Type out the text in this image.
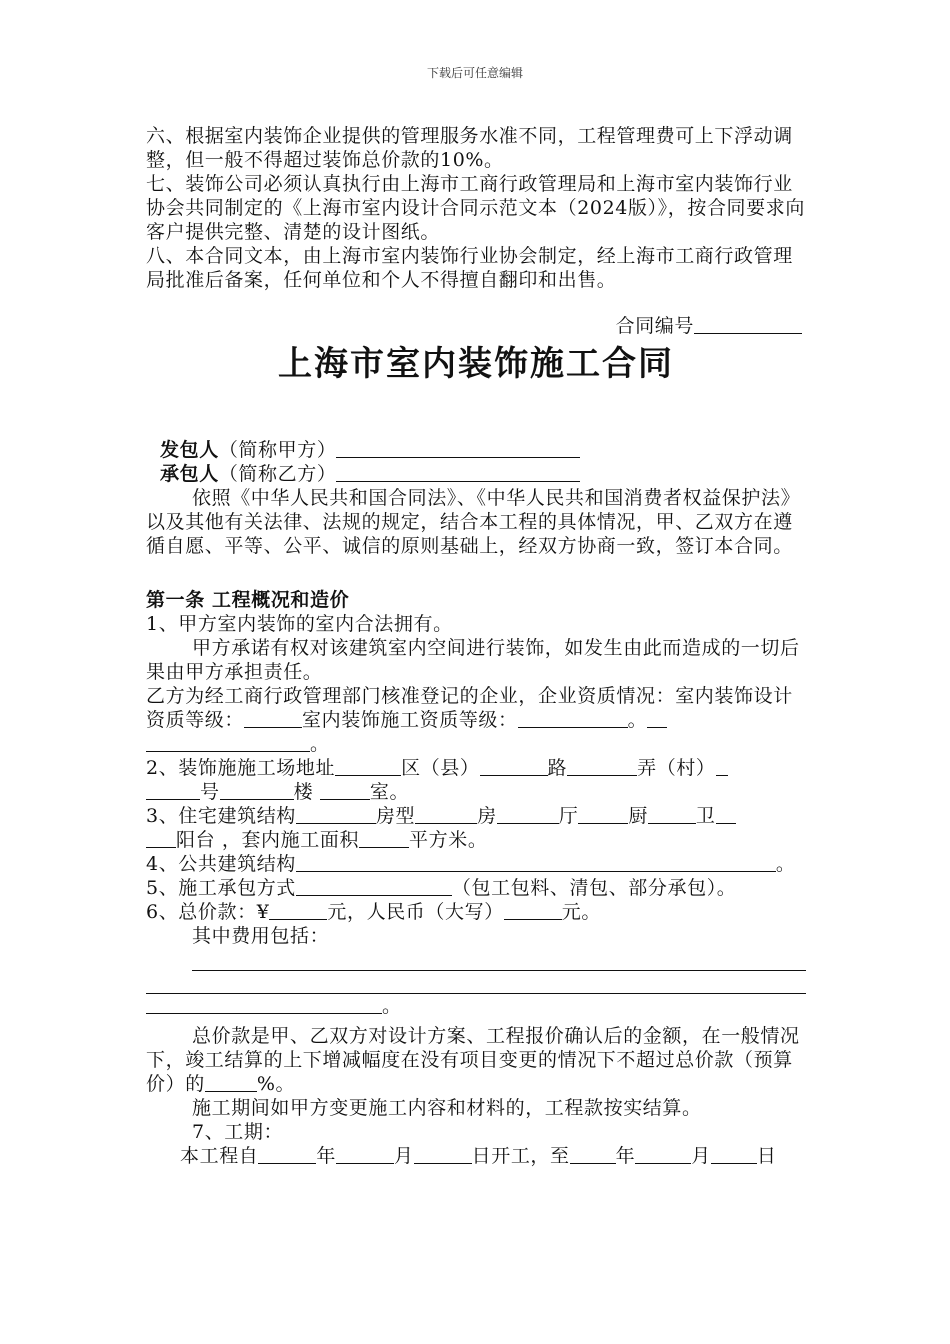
下载后可任意编辑

六、根据室内装饰企业提供的管理服务水准不同，工程管理费可上下浮动调整，但一般不得超过装饰总价款的10%。

七、装饰公司必须认真执行由上海市工商行政管理局和上海市室内装饰行业协会共同制定的《上海市室内设计合同示范文本（2024版）》，按合同要求向客户提供完整、清楚的设计图纸。

八、本合同文本，由上海市室内装饰行业协会制定，经上海市工商行政管理局批准后备案，任何单位和个人不得擅自翻印和出售。

合同编号
上海市室内装饰施工合同

发包人（简称甲方）

承包人（简称乙方）

依照《中华人民共和国合同法》、《中华人民共和国消费者权益保护法》以及其他有关法律、法规的规定，结合本工程的具体情况，甲、乙双方在遵循自愿、平等、公平、诚信的原则基础上，经双方协商一致，签订本合同。

第一条 工程概况和造价

1、甲方室内装饰的室内合法拥有。

甲方承诺有权对该建筑室内空间进行装饰，如发生由此而造成的一切后果由甲方承担责任。

乙方为经工商行政管理部门核准登记的企业，企业资质情况：室内装饰设计资质等级：	室内装饰施工资质等级：	。
。

2、装饰施施工场地址	区（县）	路	弄（村）
号	楼	室。

3、住宅建筑结构	房型	房	厅	厨	卫
阳台 ，套内施工面积	平方米。

4、公共建筑结构	。

5、施工承包方式	（包工包料、清包、部分承包）。

6、总价款：¥	元，人民币（大写）	元。

其中费用包括：

。

总价款是甲、乙双方对设计方案、工程报价确认后的金额，在一般情况下，竣工结算的上下增减幅度在没有项目变更的情况下不超过总价款（预算价）的	%。

施工期间如甲方变更施工内容和材料的，工程款按实结算。

7、工期：

本工程自	年	月	日开工，至 年	月 日
